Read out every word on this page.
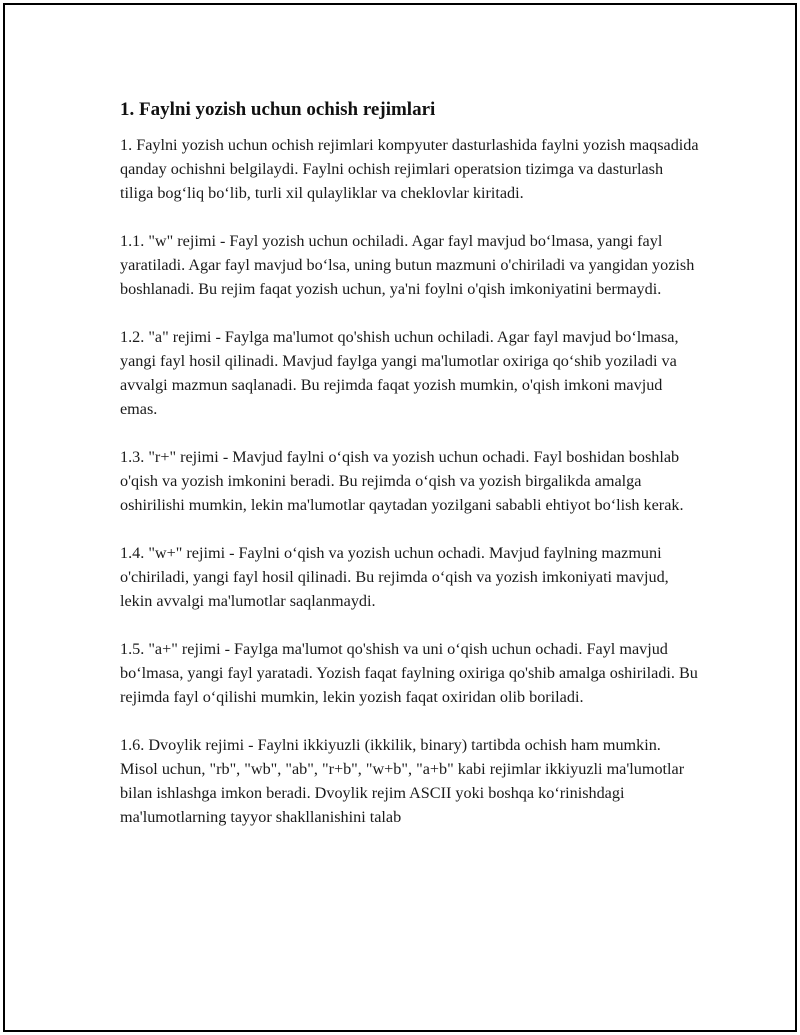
1. Faylni yozish uchun ochish rejimlari

1. Faylni yozish uchun ochish rejimlari kompyuter dasturlashida faylni yozish maqsadida qanday ochishni belgilaydi. Faylni ochish rejimlari operatsion tizimga va dasturlash tiliga bog‘liq bo‘lib, turli xil qulayliklar va cheklovlar kiritadi.

1.1. "w" rejimi - Fayl yozish uchun ochiladi. Agar fayl mavjud bo‘lmasa, yangi fayl yaratiladi. Agar fayl mavjud bo‘lsa, uning butun mazmuni o'chiriladi va yangidan yozish boshlanadi. Bu rejim faqat yozish uchun, ya'ni foylni o'qish imkoniyatini bermaydi.

1.2. "a" rejimi - Faylga ma'lumot qo'shish uchun ochiladi. Agar fayl mavjud bo‘lmasa, yangi fayl hosil qilinadi. Mavjud faylga yangi ma'lumotlar oxiriga qo‘shib yoziladi va avvalgi mazmun saqlanadi. Bu rejimda faqat yozish mumkin, o'qish imkoni mavjud emas.

1.3. "r+" rejimi - Mavjud faylni o‘qish va yozish uchun ochadi. Fayl boshidan boshlab o'qish va yozish imkonini beradi. Bu rejimda o‘qish va yozish birgalikda amalga oshirilishi mumkin, lekin ma'lumotlar qaytadan yozilgani sababli ehtiyot bo‘lish kerak.

1.4. "w+" rejimi - Faylni o‘qish va yozish uchun ochadi. Mavjud faylning mazmuni o'chiriladi, yangi fayl hosil qilinadi. Bu rejimda o‘qish va yozish imkoniyati mavjud, lekin avvalgi ma'lumotlar saqlanmaydi.

1.5. "a+" rejimi - Faylga ma'lumot qo'shish va uni o‘qish uchun ochadi. Fayl mavjud bo‘lmasa, yangi fayl yaratadi. Yozish faqat faylning oxiriga qo'shib amalga oshiriladi. Bu rejimda fayl o‘qilishi mumkin, lekin yozish faqat oxiridan olib boriladi.

1.6. Dvoylik rejimi - Faylni ikkiyuzli (ikkilik, binary) tartibda ochish ham mumkin. Misol uchun, "rb", "wb", "ab", "r+b", "w+b", "a+b" kabi rejimlar ikkiyuzli ma'lumotlar bilan ishlashga imkon beradi. Dvoylik rejim ASCII yoki boshqa ko‘rinishdagi ma'lumotlarning tayyor shakllanishini talab
